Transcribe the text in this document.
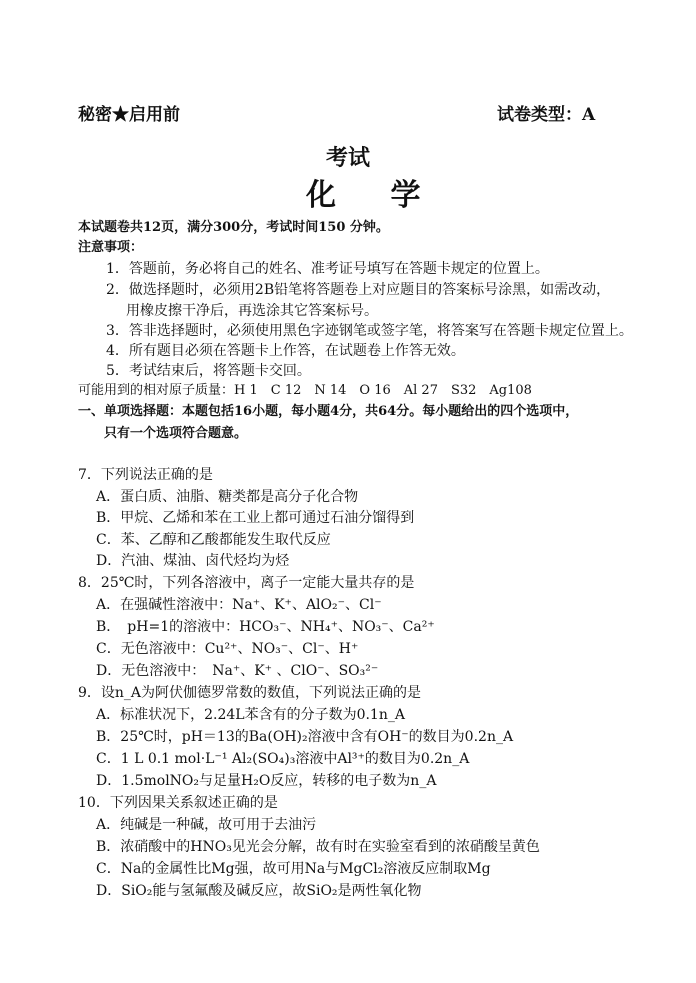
秘密★启用前	试卷类型：A
考试
化 学
本试题卷共12页，满分300分，考试时间150 分钟。
注意事项：
1．答题前，务必将自己的姓名、准考证号填写在答题卡规定的位置上。
2．做选择题时，必须用2B铅笔将答题卷上对应题目的答案标号涂黑，如需改动，
用橡皮擦干净后，再选涂其它答案标号。
3．答非选择题时，必须使用黑色字迹钢笔或签字笔，将答案写在答题卡规定位置上。
4．所有题目必须在答题卡上作答，在试题卷上作答无效。
5．考试结束后，将答题卡交回。
可能用到的相对原子质量：H 1　C 12　N 14　O 16　Al 27　S32　Ag108
一、单项选择题：本题包括16小题，每小题4分，共64分。每小题给出的四个选项中，
只有一个选项符合题意。
7．下列说法正确的是
A．蛋白质、油脂、糖类都是高分子化合物
B．甲烷、乙烯和苯在工业上都可通过石油分馏得到
C．苯、乙醇和乙酸都能发生取代反应
D．汽油、煤油、卤代烃均为烃
8．25℃时，下列各溶液中，离子一定能大量共存的是
A．在强碱性溶液中：Na⁺、K⁺、AlO₂⁻、Cl⁻
B．　pH=1的溶液中：HCO₃⁻、NH₄⁺、NO₃⁻、Ca²⁺
C．无色溶液中：Cu²⁺、NO₃⁻、Cl⁻、H⁺
D．无色溶液中：　Na⁺、K⁺ 、ClO⁻、SO₃²⁻
9．设n_A为阿伏伽德罗常数的数值，下列说法正确的是
A．标准状况下，2.24L苯含有的分子数为0.1n_A
B．25℃时，pH＝13的Ba(OH)₂溶液中含有OH⁻的数目为0.2n_A
C．1 L 0.1 mol·L⁻¹ Al₂(SO₄)₃溶液中Al³⁺的数目为0.2n_A
D．1.5molNO₂与足量H₂O反应，转移的电子数为n_A
10．下列因果关系叙述正确的是
A．纯碱是一种碱，故可用于去油污
B．浓硝酸中的HNO₃见光会分解，故有时在实验室看到的浓硝酸呈黄色
C．Na的金属性比Mg强，故可用Na与MgCl₂溶液反应制取Mg
D．SiO₂能与氢氟酸及碱反应，故SiO₂是两性氧化物
